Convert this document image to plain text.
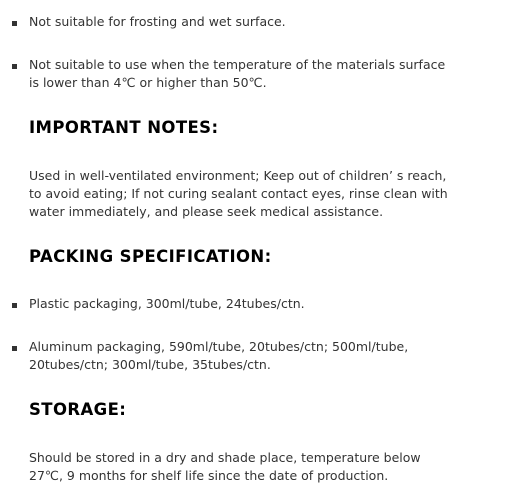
Not suitable for frosting and wet surface.
Not suitable to use when the temperature of the materials surface is lower than 4℃ or higher than 50℃.
IMPORTANT NOTES:

Used in well-ventilated environment; Keep out of children’ s reach, to avoid eating; If not curing sealant contact eyes, rinse clean with water immediately, and please seek medical assistance.

PACKING SPECIFICATION:
Plastic packaging, 300ml/tube, 24tubes/ctn.
Aluminum packaging, 590ml/tube, 20tubes/ctn; 500ml/tube, 20tubes/ctn; 300ml/tube, 35tubes/ctn.
STORAGE:

Should be stored in a dry and shade place, temperature below 27℃, 9 months for shelf life since the date of production.
